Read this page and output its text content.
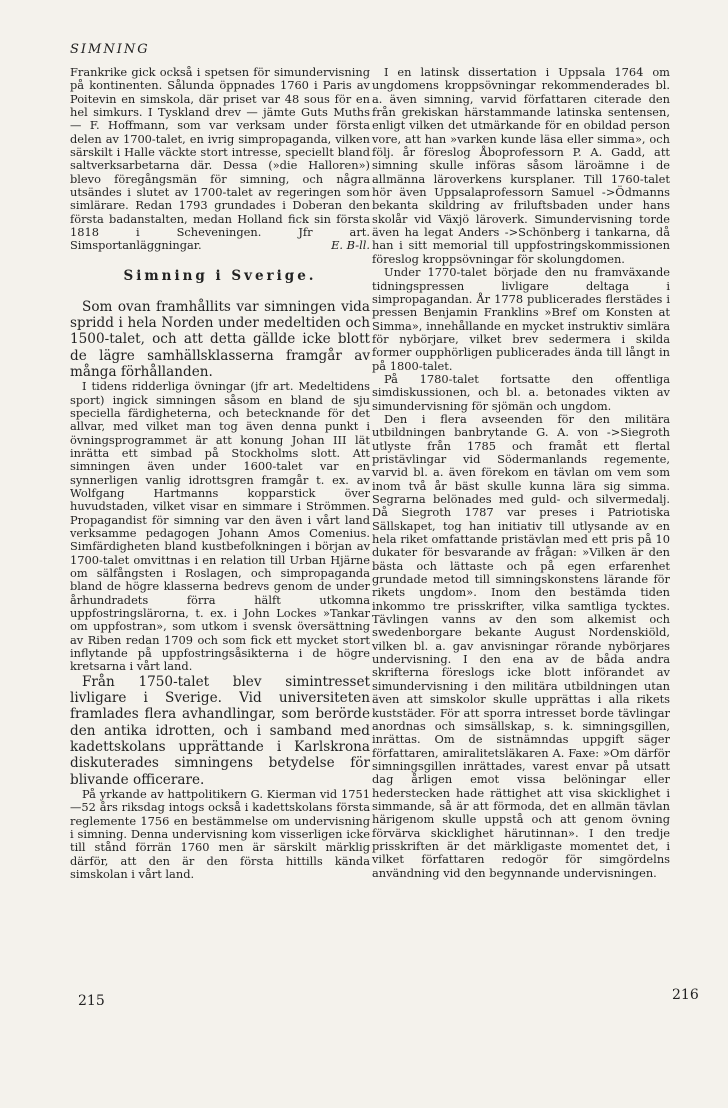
SIMNING

Frankrike gick också i spetsen för simundervisning på kontinenten. Sålunda öppnades 1760 i Paris av Poitevin en simskola, där priset var 48 sous för en hel simkurs. I Tyskland drev — jämte Guts Muths — F. Hoffmann, som var verksam under första delen av 1700-talet, en ivrig simpropaganda, vilken särskilt i Halle väckte stort intresse, speciellt bland saltverksarbetarna där. Dessa (»die Halloren») blevo föregångsmän för simning, och några utsändes i slutet av 1700-talet av regeringen som simlärare. Redan 1793 grundades i Doberan den första badanstalten, medan Holland fick sin första 1818 i Scheveningen. Jfr art. Simsportanläggningar.	E. B-ll.

Simning i Sverige.

Som ovan framhållits var simningen vida spridd i hela Norden under medeltiden och 1500-talet, och att detta gällde icke blott de lägre samhällsklasserna framgår av många förhållanden.

I tidens ridderliga övningar (jfr art. Medeltidens sport) ingick simningen såsom en bland de sju speciella färdigheterna, och betecknande för det allvar, med vilket man tog även denna punkt i övningsprogrammet är att konung Johan III lät inrätta ett simbad på Stockholms slott. Att simningen även under 1600-talet var en synnerligen vanlig idrottsgren framgår t. ex. av Wolfgang Hartmanns kopparstick över huvudstaden, vilket visar en simmare i Strömmen. Propagandist för simning var den även i vårt land verksamme pedagogen Johann Amos Comenius. Simfärdigheten bland kustbefolkningen i början av 1700-talet omvittnas i en relation till Urban Hjärne om sälfångsten i Roslagen, och simpropaganda bland de högre klasserna bedrevs genom de under århundradets förra hälft utkomna uppfostringslärorna, t. ex. i John Lockes »Tankar om uppfostran», som utkom i svensk översättning av Riben redan 1709 och som fick ett mycket stort inflytande på uppfostringsåsikterna i de högre kretsarna i vårt land.

Från 1750-talet blev simintresset livligare i Sverige. Vid universiteten framlades flera avhandlingar, som berörde den antika idrotten, och i samband med kadettskolans upprättande i Karlskrona diskuterades simningens betydelse för blivande officerare.

På yrkande av hattpolitikern G. Kierman vid 1751—52 års riksdag intogs också i kadettskolans första reglemente 1756 en bestämmelse om undervisning i simning. Denna undervisning kom visserligen icke till stånd förrän 1760 men är särskilt märklig därför, att den är den första hittills kända simskolan i vårt land.

I en latinsk dissertation i Uppsala 1764 om ungdomens kroppsövningar rekommenderades bl. a. även simning, varvid författaren citerade den från grekiskan härstammande latinska sentensen, enligt vilken det utmärkande för en obildad person vore, att han »varken kunde läsa eller simma», och följ. år föreslog Åboprofessorn P. A. Gadd, att simning skulle införas såsom läroämne i de allmänna läroverkens kursplaner. Till 1760-talet hör även Uppsalaprofessorn Samuel ->Ödmanns bekanta skildring av friluftsbaden under hans skolår vid Växjö läroverk. Simundervisning torde även ha legat Anders ->Schönberg i tankarna, då han i sitt memorial till uppfostringskommissionen föreslog kroppsövningar för skolungdomen.

Under 1770-talet började den nu framväxande tidningspressen livligare deltaga i simpropagandan. År 1778 publicerades flerstädes i pressen Benjamin Franklins »Bref om Konsten at Simma», innehållande en mycket instruktiv simlära för nybörjare, vilket brev sedermera i skilda former oupphörligen publicerades ända till långt in på 1800-talet.

På 1780-talet fortsatte den offentliga simdiskussionen, och bl. a. betonades vikten av simundervisning för sjömän och ungdom.

Den i flera avseenden för den militära utbildningen banbrytande G. A. von ->Siegroth utlyste från 1785 och framåt ett flertal pristävlingar vid Södermanlands regemente, varvid bl. a. även förekom en tävlan om vem som inom två år bäst skulle kunna lära sig simma. Segrarna belönades med guld- och silvermedalj. Då Siegroth 1787 var preses i Patriotiska Sällskapet, tog han initiativ till utlysande av en hela riket omfattande pristävlan med ett pris på 10 dukater för besvarande av frågan: »Vilken är den bästa och lättaste och på egen erfarenhet grundade metod till simningskonstens lärande för rikets ungdom». Inom den bestämda tiden inkommo tre prisskrifter, vilka samtliga tycktes. Tävlingen vanns av den som alkemist och swedenborgare bekante August Nordenskiöld, vilken bl. a. gav anvisningar rörande nybörjares undervisning. I den ena av de båda andra skrifterna föreslogs icke blott införandet av simundervisning i den militära utbildningen utan även att simskolor skulle upprättas i alla rikets kuststäder. För att sporra intresset borde tävlingar anordnas och simsällskap, s. k. simningsgillen, inrättas. Om de sistnämndas uppgift säger författaren, amiralitetsläkaren A. Faxe: »Om därför simningsgillen inrättades, varest envar på utsatt dag årligen emot vissa belöningar eller hederstecken hade rättighet att visa skicklighet i simmande, så är att förmoda, det en allmän tävlan härigenom skulle uppstå och att genom övning förvärva skicklighet härutinnan». I den tredje prisskriften är det märkligaste momentet det, i vilket författaren redogör för simgördelns användning vid den begynnande undervisningen.

215	216
